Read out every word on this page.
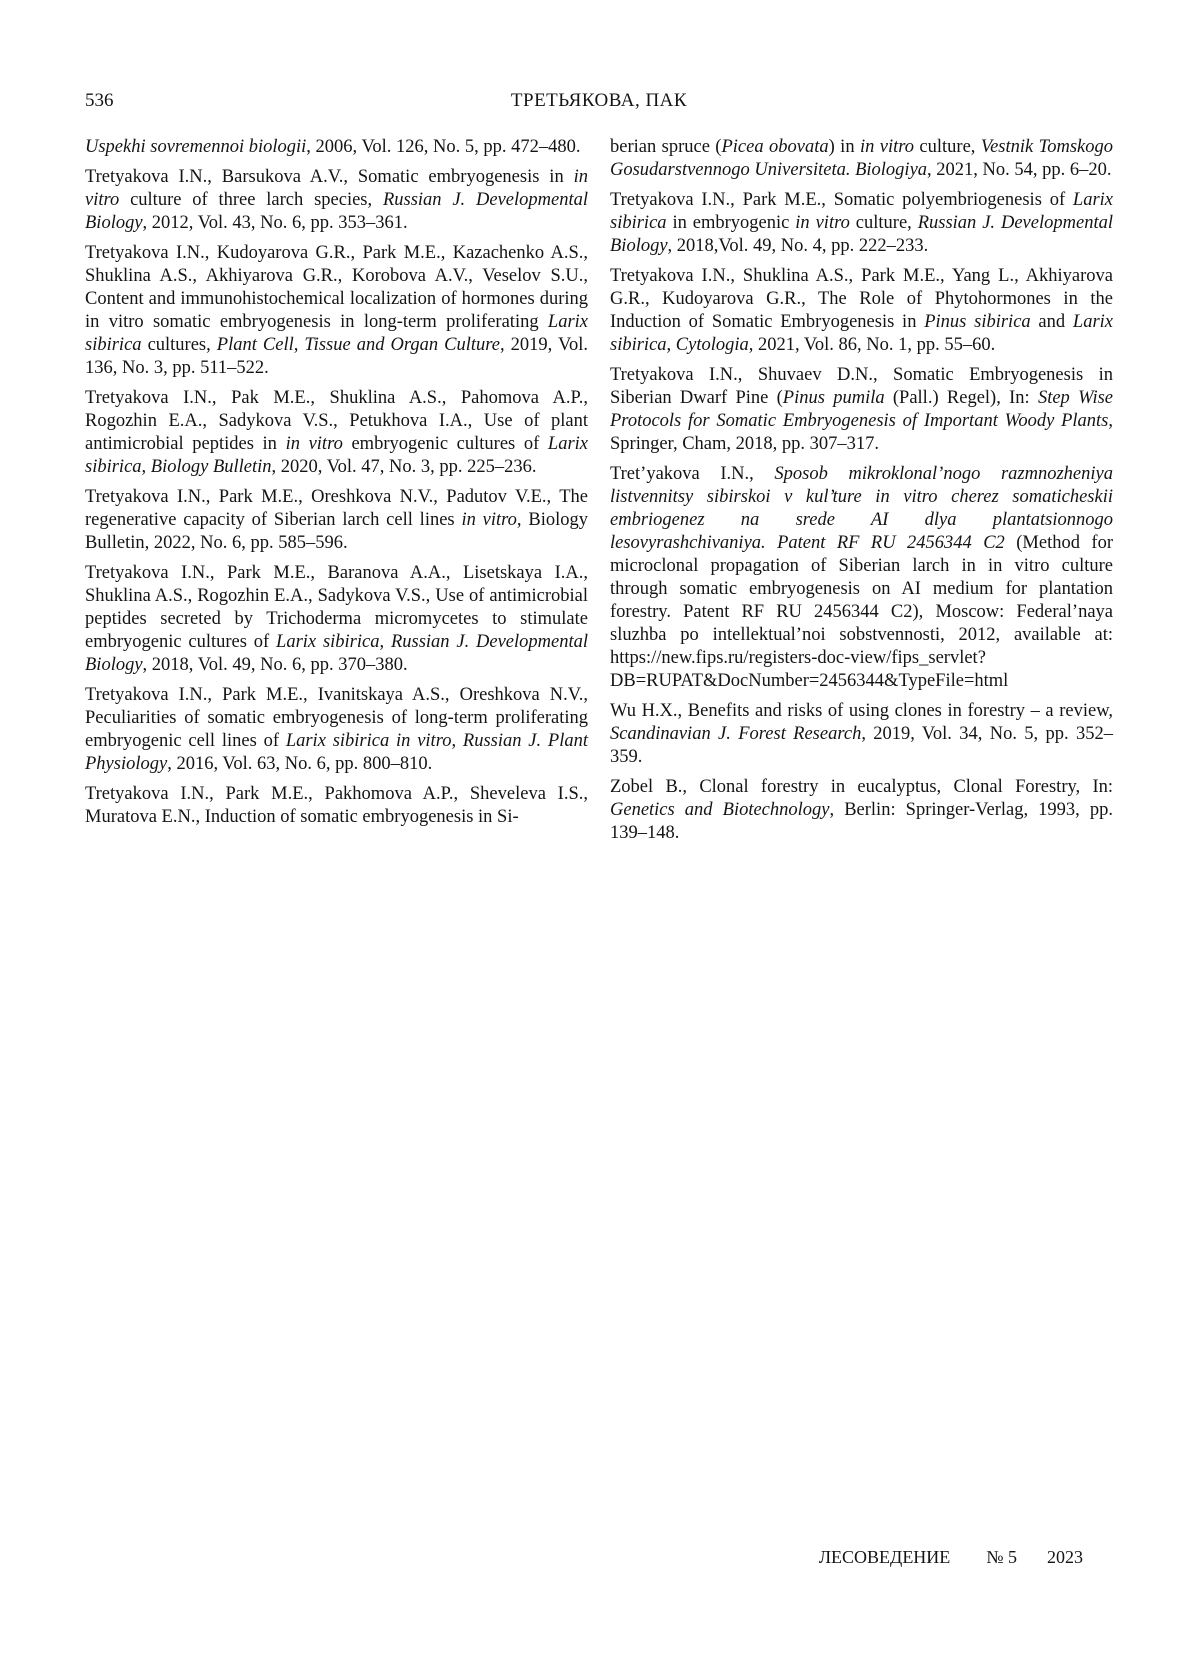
536	ТРЕТЬЯКОВА, ПАК

Uspekhi sovremennoi biologii, 2006, Vol. 126, No. 5, pp. 472–480.

Tretyakova I.N., Barsukova A.V., Somatic embryogenesis in in vitro culture of three larch species, Russian J. Developmental Biology, 2012, Vol. 43, No. 6, pp. 353–361.

Tretyakova I.N., Kudoyarova G.R., Park M.E., Kazachenko A.S., Shuklina A.S., Akhiyarova G.R., Korobova A.V., Veselov S.U., Content and immunohistochemical localization of hormones during in vitro somatic embryogenesis in long-term proliferating Larix sibirica cultures, Plant Cell, Tissue and Organ Culture, 2019, Vol. 136, No. 3, pp. 511–522.

Tretyakova I.N., Pak M.E., Shuklina A.S., Pahomova A.P., Rogozhin E.A., Sadykova V.S., Petukhova I.A., Use of plant antimicrobial peptides in in vitro embryogenic cultures of Larix sibirica, Biology Bulletin, 2020, Vol. 47, No. 3, pp. 225–236.

Tretyakova I.N., Park M.E., Oreshkova N.V., Padutov V.E., The regenerative capacity of Siberian larch cell lines in vitro, Biology Bulletin, 2022, No. 6, pp. 585–596.

Tretyakova I.N., Park M.E., Baranova A.A., Lisetskaya I.A., Shuklina A.S., Rogozhin E.A., Sadykova V.S., Use of antimicrobial peptides secreted by Trichoderma micromycetes to stimulate embryogenic cultures of Larix sibirica, Russian J. Developmental Biology, 2018, Vol. 49, No. 6, pp. 370–380.

Tretyakova I.N., Park M.E., Ivanitskaya A.S., Oreshkova N.V., Peculiarities of somatic embryogenesis of long-term proliferating embryogenic cell lines of Larix sibirica in vitro, Russian J. Plant Physiology, 2016, Vol. 63, No. 6, pp. 800–810.

Tretyakova I.N., Park M.E., Pakhomova A.P., Sheveleva I.S., Muratova E.N., Induction of somatic embryogenesis in Si-

berian spruce (Picea obovata) in in vitro culture, Vestnik Tomskogo Gosudarstvennogo Universiteta. Biologiya, 2021, No. 54, pp. 6–20.

Tretyakova I.N., Park M.E., Somatic polyembriogenesis of Larix sibirica in embryogenic in vitro culture, Russian J. Developmental Biology, 2018,Vol. 49, No. 4, pp. 222–233.

Tretyakova I.N., Shuklina A.S., Park M.E., Yang L., Akhiyarova G.R., Kudoyarova G.R., The Role of Phytohormones in the Induction of Somatic Embryogenesis in Pinus sibirica and Larix sibirica, Cytologia, 2021, Vol. 86, No. 1, pp. 55–60.

Tretyakova I.N., Shuvaev D.N., Somatic Embryogenesis in Siberian Dwarf Pine (Pinus pumila (Pall.) Regel), In: Step Wise Protocols for Somatic Embryogenesis of Important Woody Plants, Springer, Cham, 2018, pp. 307–317.

Tret’yakova I.N., Sposob mikroklonal’nogo razmnozheniya listvennitsy sibirskoi v kul’ture in vitro cherez somaticheskii embriogenez na srede AI dlya plantatsionnogo lesovyrashchivaniya. Patent RF RU 2456344 C2 (Method for microclonal propagation of Siberian larch in in vitro culture through somatic embryogenesis on AI medium for plantation forestry. Patent RF RU 2456344 C2), Moscow: Federal’naya sluzhba po intellektual’noi sobstvennosti, 2012, available at: https://new.fips.ru/registers-doc-view/fips_servlet?DB=RUPAT&DocNumber=2456344&TypeFile=html

Wu H.X., Benefits and risks of using clones in forestry – a review, Scandinavian J. Forest Research, 2019, Vol. 34, No. 5, pp. 352–359.

Zobel B., Clonal forestry in eucalyptus, Clonal Forestry, In: Genetics and Biotechnology, Berlin: Springer-Verlag, 1993, pp. 139–148.

ЛЕСОВЕДЕНИЕ № 5 2023
